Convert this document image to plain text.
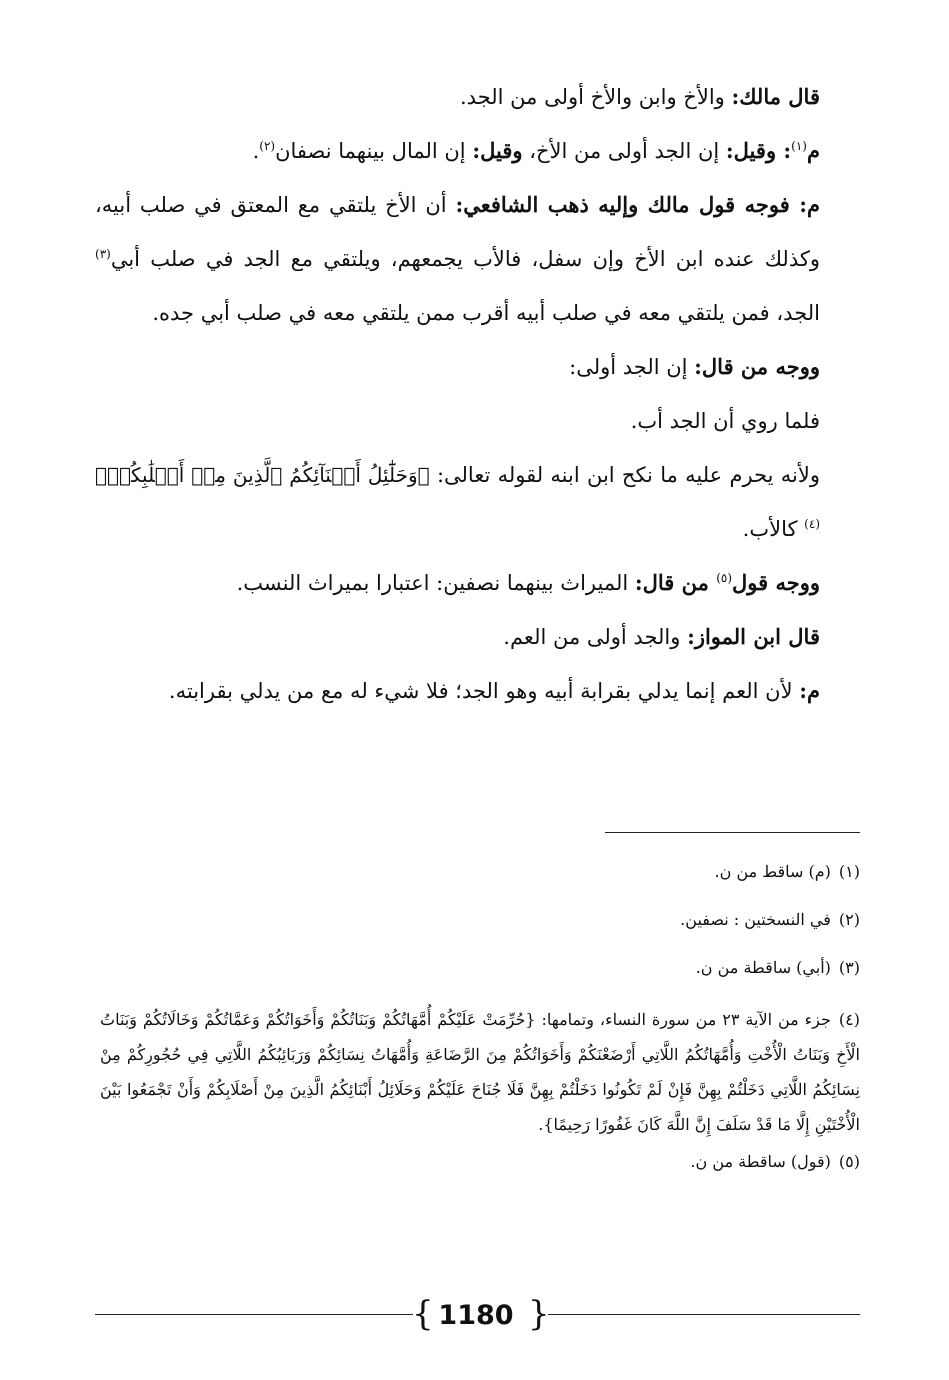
قال مالك: والأخ وابن والأخ أولى من الجد.

م$^{(١)}$: وقيل: إن الجد أولى من الأخ، وقيل: إن المال بينهما نصفان$^{(٢)}$.

م: فوجه قول مالك وإليه ذهب الشافعي: أن الأخ يلتقي مع المعتق في صلب أبيه، وكذلك عنده ابن الأخ وإن سفل، فالأب يجمعهم، ويلتقي مع الجد في صلب أبي$^{(٣)}$ الجد، فمن يلتقي معه في صلب أبيه أقرب ممن يلتقي معه في صلب أبي جده.

ووجه من قال: إن الجد أولى:

فلما روي أن الجد أب.

ولأنه يحرم عليه ما نكح ابن ابنه لقوله تعالى: ﴿وَحَلَٰٓئِلُ أَبۡنَآئِكُمُ ٱلَّذِينَ مِنۡ أَصۡلَٰبِكُمۡ﴾$^{(٤)}$ كالأب.

ووجه قول$^{(٥)}$ من قال: الميراث بينهما نصفين: اعتبارا بميراث النسب.

قال ابن المواز: والجد أولى من العم.

م: لأن العم إنما يدلي بقرابة أبيه وهو الجد؛ فلا شيء له مع من يدلي بقرابته.

(١)(م) ساقط من ن.

(٢)في النسختين : نصفين.

(٣)(أبي) ساقطة من ن.

(٤)جزء من الآية ٢٣ من سورة النساء، وتمامها: {حُرِّمَتْ عَلَيْكُمْ أُمَّهَاتُكُمْ وَبَنَاتُكُمْ وَأَخَوَاتُكُمْ وَعَمَّاتُكُمْ وَخَالَاتُكُمْ وَبَنَاتُ الْأَخِ وَبَنَاتُ الْأُخْتِ وَأُمَّهَاتُكُمُ اللَّاتِي أَرْضَعْنَكُمْ وَأَخَوَاتُكُمْ مِنَ الرَّضَاعَةِ وَأُمَّهَاتُ نِسَائِكُمْ وَرَبَائِبُكُمُ اللَّاتِي فِي حُجُورِكُمْ مِنْ نِسَائِكُمُ اللَّاتِي دَخَلْتُمْ بِهِنَّ فَإِنْ لَمْ تَكُونُوا دَخَلْتُمْ بِهِنَّ فَلَا جُنَاحَ عَلَيْكُمْ وَحَلَائِلُ أَبْنَائِكُمُ الَّذِينَ مِنْ أَصْلَابِكُمْ وَأَنْ تَجْمَعُوا بَيْنَ الْأُخْتَيْنِ إِلَّا مَا قَدْ سَلَفَ إِنَّ اللَّهَ كَانَ غَفُورًا رَحِيمًا}.

(٥)(قول) ساقطة من ن.

{ 1180 }
